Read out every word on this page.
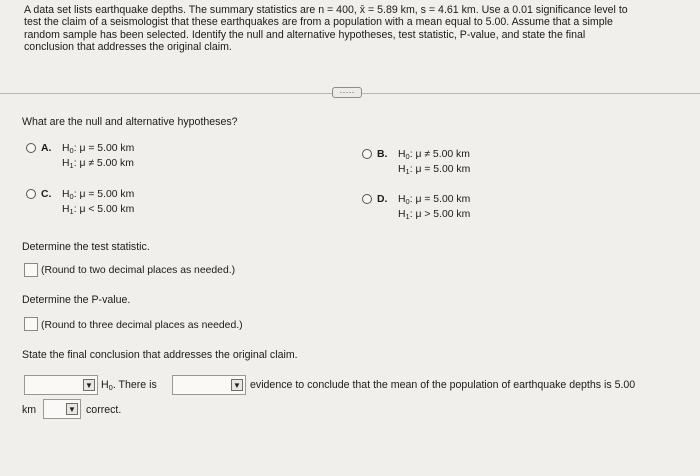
A data set lists earthquake depths. The summary statistics are n = 400, x̄ = 5.89 km, s = 4.61 km. Use a 0.01 significance level to
test the claim of a seismologist that these earthquakes are from a population with a mean equal to 5.00. Assume that a simple
random sample has been selected. Identify the null and alternative hypotheses, test statistic, P-value, and state the final
conclusion that addresses the original claim.
·····
What are the null and alternative hypotheses?
A. $H_0$: μ = 5.00 km
$H_1$: μ ≠ 5.00 km
B. $H_0$: μ ≠ 5.00 km
$H_1$: μ = 5.00 km
C. $H_0$: μ = 5.00 km
$H_1$: μ < 5.00 km
D. $H_0$: μ = 5.00 km
$H_1$: μ > 5.00 km
Determine the test statistic.
(Round to two decimal places as needed.)
Determine the P-value.
(Round to three decimal places as needed.)
State the final conclusion that addresses the original claim.
▼ $H_0$. There is	▼ evidence to conclude that the mean of the population of earthquake depths is 5.00
km	▼ correct.
